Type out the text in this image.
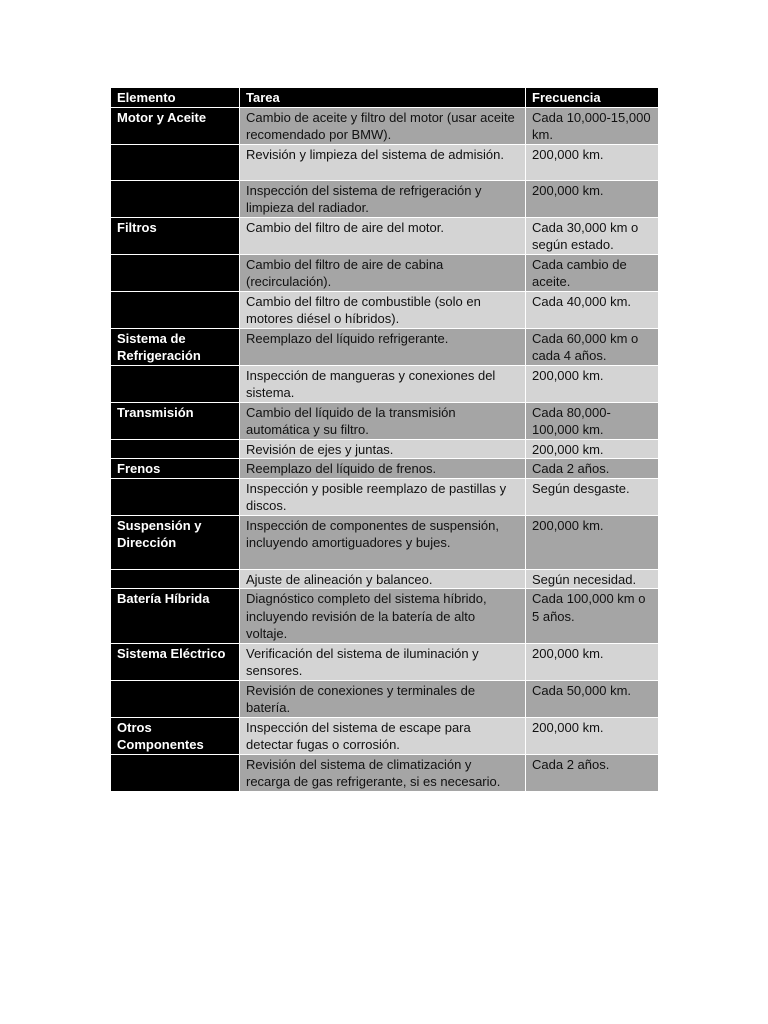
Elemento	Tarea	Frecuencia
Motor y Aceite	Cambio de aceite y filtro del motor (usar aceite recomendado por BMW).	Cada 10,000-15,000 km.
	Revisión y limpieza del sistema de admisión.	200,000 km.
	Inspección del sistema de refrigeración y limpieza del radiador.	200,000 km.
Filtros	Cambio del filtro de aire del motor.	Cada 30,000 km o según estado.
	Cambio del filtro de aire de cabina (recirculación).	Cada cambio de aceite.
	Cambio del filtro de combustible (solo en motores diésel o híbridos).	Cada 40,000 km.
Sistema de Refrigeración	Reemplazo del líquido refrigerante.	Cada 60,000 km o cada 4 años.
	Inspección de mangueras y conexiones del sistema.	200,000 km.
Transmisión	Cambio del líquido de la transmisión automática y su filtro.	Cada 80,000-100,000 km.
	Revisión de ejes y juntas.	200,000 km.
Frenos	Reemplazo del líquido de frenos.	Cada 2 años.
	Inspección y posible reemplazo de pastillas y discos.	Según desgaste.
Suspensión y Dirección	Inspección de componentes de suspensión, incluyendo amortiguadores y bujes.	200,000 km.
	Ajuste de alineación y balanceo.	Según necesidad.
Batería Híbrida	Diagnóstico completo del sistema híbrido, incluyendo revisión de la batería de alto voltaje.	Cada 100,000 km o 5 años.
Sistema Eléctrico	Verificación del sistema de iluminación y sensores.	200,000 km.
	Revisión de conexiones y terminales de batería.	Cada 50,000 km.
Otros Componentes	Inspección del sistema de escape para detectar fugas o corrosión.	200,000 km.
	Revisión del sistema de climatización y recarga de gas refrigerante, si es necesario.	Cada 2 años.
